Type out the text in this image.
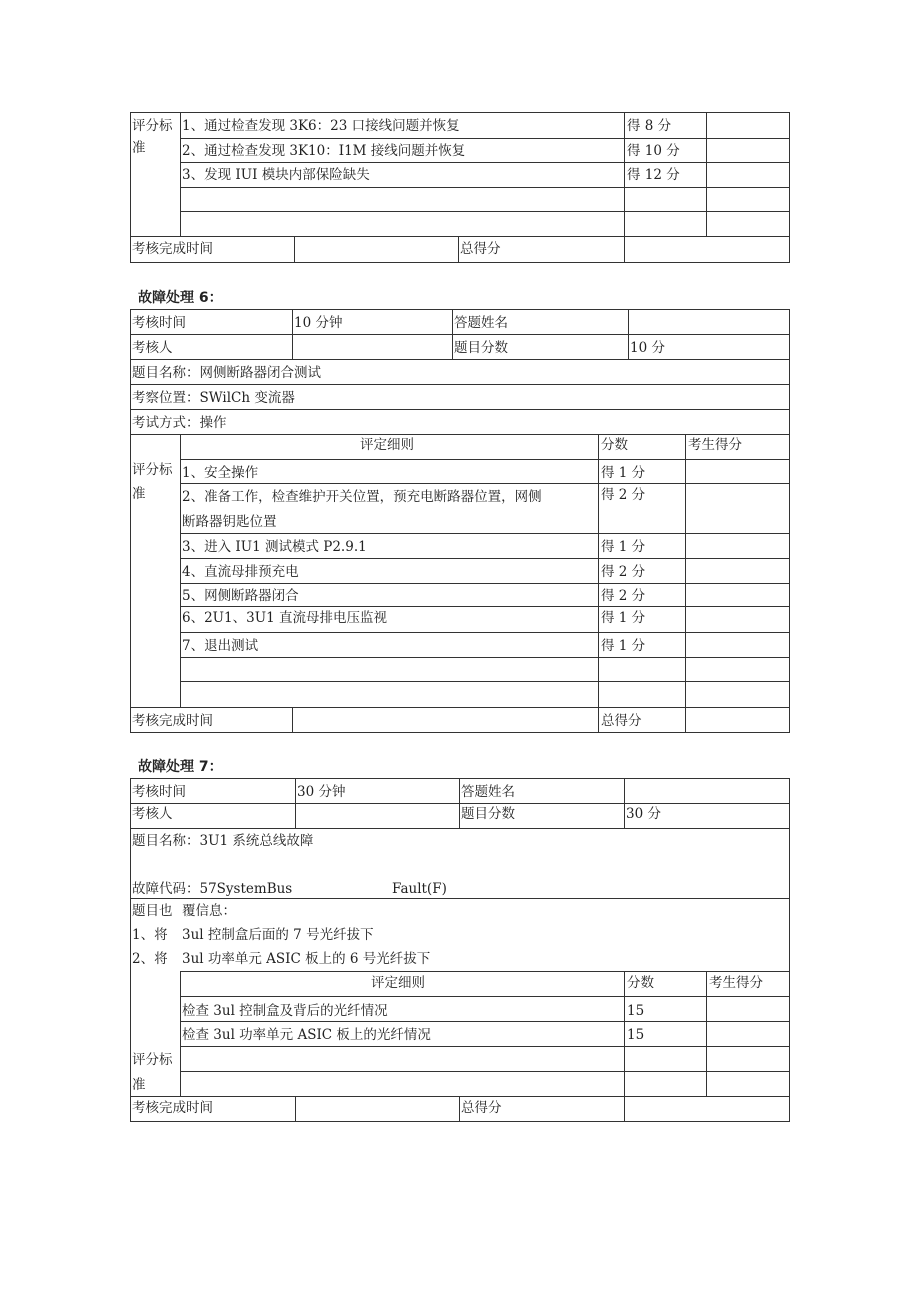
评分标
准
1、通过检查发现 3K6：23 口接线问题并恢复	得 8 分
2、通过检查发现 3K10：I1M 接线问题并恢复	得 10 分
3、发现 IUI 模块内部保险缺失	得 12 分
考核完成时间	总得分
故障处理 6：
考核时间	10 分钟	答题姓名
考核人	题目分数	10 分
题目名称：网侧断路器闭合测试
考察位置：SWilCh 变流器
考试方式：操作
评定细则	分数	考生得分
评分标
准
1、安全操作	得 1 分
2、准备工作，检查维护开关位置，预充电断路器位置，网侧
断路器钥匙位置
得 2 分
3、进入 IU1 测试模式 P2.9.1	得 1 分
4、直流母排预充电	得 2 分
5、网侧断路器闭合	得 2 分
6、2U1、3U1 直流母排电压监视	得 1 分
7、退出测试	得 1 分
考核完成时间	总得分
故障处理 7：
考核时间	30 分钟	答题姓名
考核人	题目分数	30 分
题目名称：3U1 系统总线故障
故障代码：57SystemBus	Fault(F)
题目也 覆信息：
1、将 3ul 控制盒后面的 7 号光纤拔下
2、将 3ul 功率单元 ASIC 板上的 6 号光纤拔下
评定细则	分数	考生得分
检查 3ul 控制盒及背后的光纤情况	15
检查 3ul 功率单元 ASIC 板上的光纤情况	15
评分标
准
考核完成时间	总得分
